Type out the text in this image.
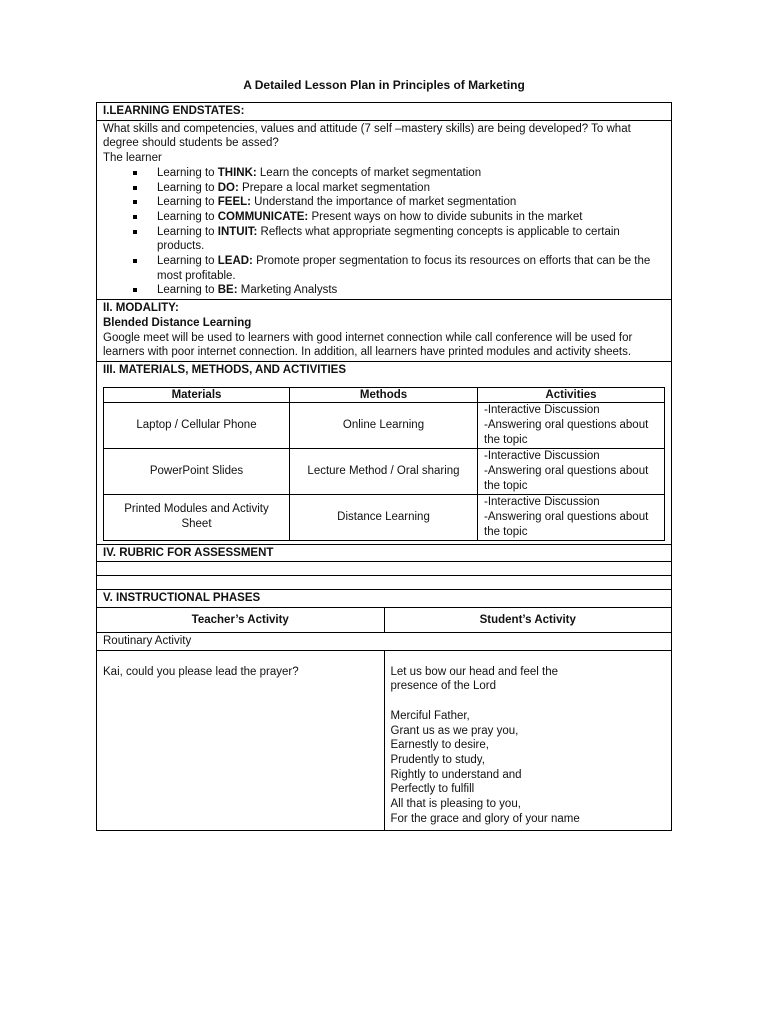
A Detailed Lesson Plan in Principles of Marketing
I.LEARNING ENDSTATES:
What skills and competencies, values and attitude (7 self –mastery skills) are being developed? To what degree should students be assed?
The learner
Learning to THINK: Learn the concepts of market segmentation
Learning to DO: Prepare a local market segmentation
Learning to FEEL: Understand the importance of market segmentation
Learning to COMMUNICATE: Present ways on how to divide subunits in the market
Learning to INTUIT: Reflects what appropriate segmenting concepts is applicable to certain products.
Learning to LEAD: Promote proper segmentation to focus its resources on efforts that can be the most profitable.
Learning to BE: Marketing Analysts
II. MODALITY:
Blended Distance Learning
Google meet will be used to learners with good internet connection while call conference will be used for learners with poor internet connection. In addition, all learners have printed modules and activity sheets.
III. MATERIALS, METHODS, AND ACTIVITIES
Materials	Methods	Activities
Laptop / Cellular Phone	Online Learning	-Interactive Discussion
-Answering oral questions about the topic

PowerPoint Slides	Lecture Method / Oral sharing	-Interactive Discussion
-Answering oral questions about the topic

Printed Modules and Activity Sheet	Distance Learning	-Interactive Discussion
-Answering oral questions about the topic
IV. RUBRIC FOR ASSESSMENT
V. INSTRUCTIONAL PHASES
Teacher’s Activity	Student’s Activity
Routinary Activity
Kai, could you please lead the prayer?	Let us bow our head and feel the
presence of the Lord
Merciful Father,
Grant us as we pray you,
Earnestly to desire,
Prudently to study,
Rightly to understand and
Perfectly to fulfill
All that is pleasing to you,
For the grace and glory of your name
